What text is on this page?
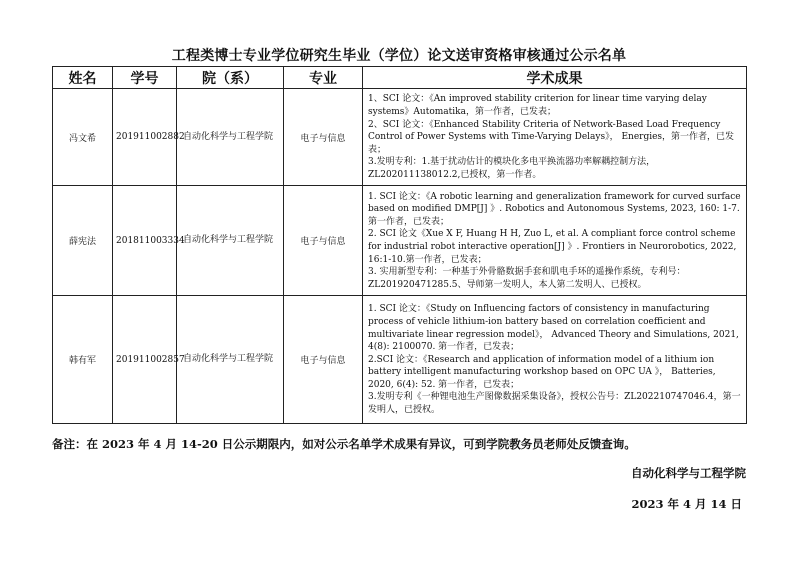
工程类博士专业学位研究生毕业（学位）论文送审资格审核通过公示名单
姓名	学号	院（系）	专业	学术成果
冯文希	201911002882	自动化科学与工程学院	电子与信息	1、SCI 论文：《An improved stability criterion for linear time varying delay systems》Automatika，第一作者，已发表；

2、SCI 论文：《Enhanced Stability Criteria of Network-Based Load Frequency Control of Power Systems with Time-Varying Delays》， Energies，第一作者，已发表；

3.发明专利：1.基于扰动估计的模块化多电平换流器功率解耦控制方法，ZL202011138012.2,已授权，第一作者。

薛宪法	201811003334	自动化科学与工程学院	电子与信息	1. SCI 论文：《A robotic learning and generalization framework for curved surface based on modified DMP[J] 》. Robotics and Autonomous Systems, 2023, 160: 1-7. 第一作者，已发表；

2. SCI 论文《Xue X F, Huang H H, Zuo L, et al. A compliant force control scheme for industrial robot interactive operation[J] 》. Frontiers in Neurorobotics, 2022, 16:1-10.第一作者，已发表；

3. 实用新型专利：一种基于外骨骼数据手套和肌电手环的遥操作系统，专利号：ZL201920471285.5、导师第一发明人，本人第二发明人、已授权。

韩有军	201911002857	自动化科学与工程学院	电子与信息	1. SCI 论文：《Study on Influencing factors of consistency in manufacturing process of vehicle lithium‑ion battery based on correlation coefficient and multivariate linear regression model》， Advanced Theory and Simulations, 2021, 4(8): 2100070. 第一作者，已发表；

2.SCI 论文：《Research and application of information model of a lithium ion battery intelligent manufacturing workshop based on OPC UA 》， Batteries, 2020, 6(4): 52. 第一作者，已发表；

3.发明专利《一种锂电池生产图像数据采集设备》，授权公告号：ZL202210747046.4，第一发明人，已授权。

备注：在 2023 年 4 月 14-20 日公示期限内，如对公示名单学术成果有异议，可到学院教务员老师处反馈查询。
自动化科学与工程学院
2023 年 4 月 14 日
